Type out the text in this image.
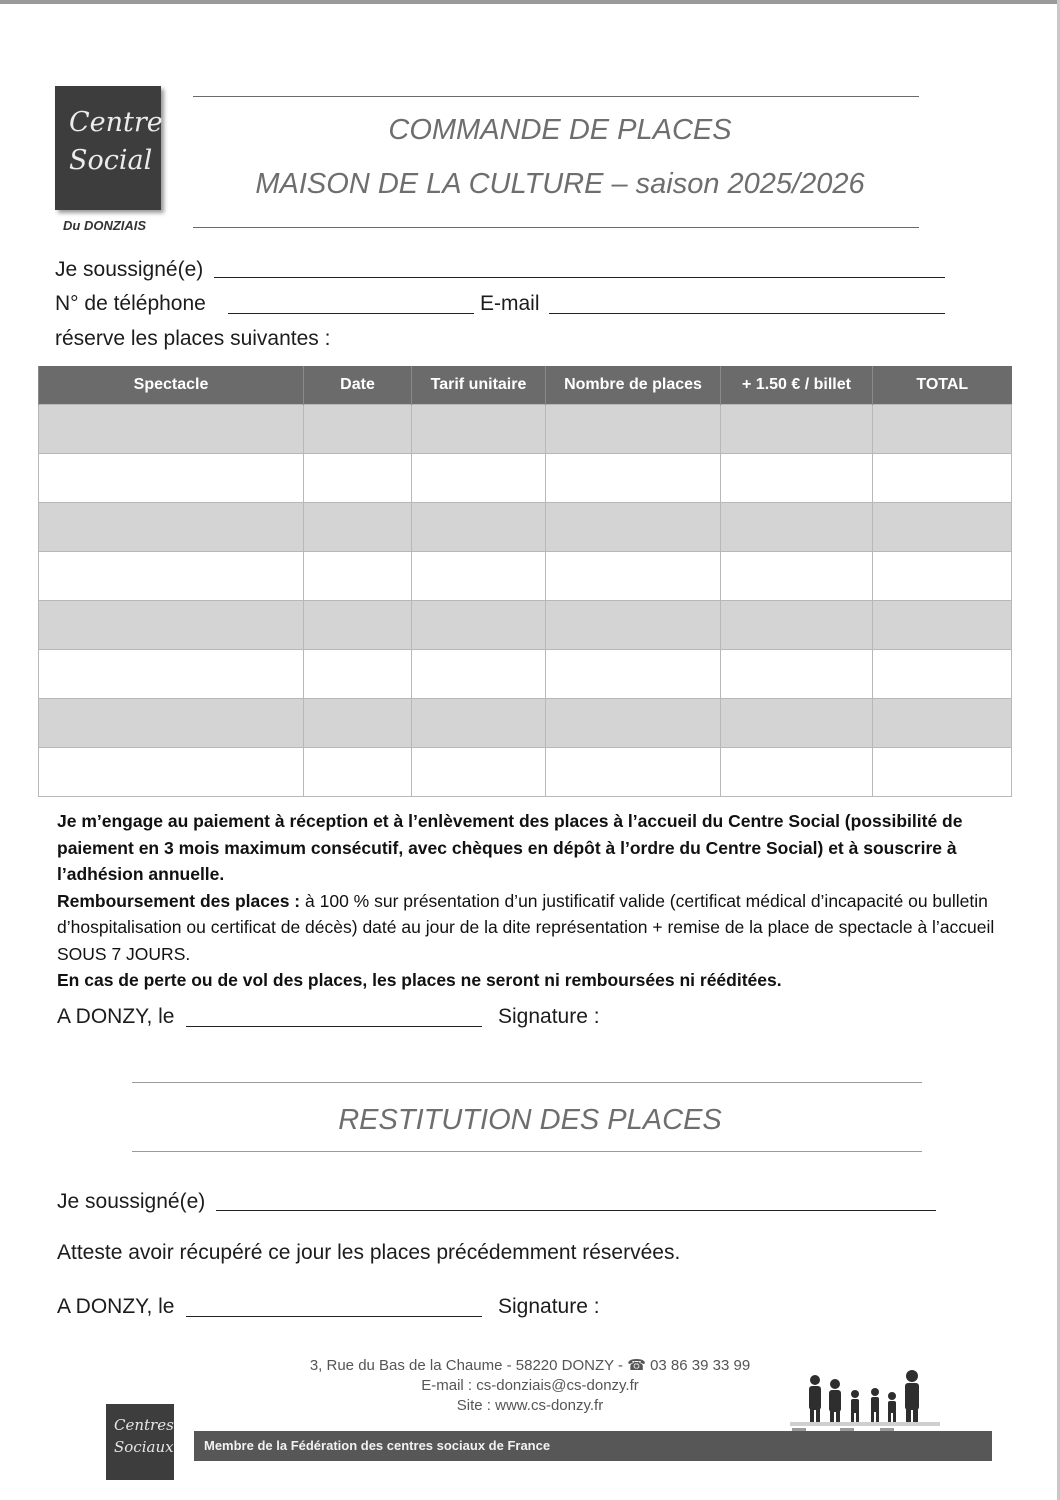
Centre
Social
Du DONZIAIS
COMMANDE DE PLACES
MAISON DE LA CULTURE – saison 2025/2026
Je soussigné(e)
N° de téléphone	E-mail
réserve les places suivantes :
Spectacle	Date	Tarif unitaire	Nombre de places	+ 1.50 € / billet	TOTAL

Je m’engage au paiement à réception et à l’enlèvement des places à l’accueil du Centre Social (possibilité de paiement en 3 mois maximum consécutif, avec chèques en dépôt à l’ordre du Centre Social) et à souscrire à l’adhésion annuelle.

Remboursement des places : à 100 % sur présentation d’un justificatif valide (certificat médical d’incapacité ou bulletin d’hospitalisation ou certificat de décès) daté au jour de la dite représentation + remise de la place de spectacle à l’accueil SOUS 7 JOURS.

En cas de perte ou de vol des places, les places ne seront ni remboursées ni rééditées.

A DONZY, le	Signature :
RESTITUTION DES PLACES
Je soussigné(e)
Atteste avoir récupéré ce jour les places précédemment réservées.
A DONZY, le	Signature :
3, Rue du Bas de la Chaume - 58220 DONZY - ☎ 03 86 39 33 99
E-mail : cs-donziais@cs-donzy.fr
Site : www.cs-donzy.fr
Membre de la Fédération des centres sociaux de France
Centres
Sociaux
